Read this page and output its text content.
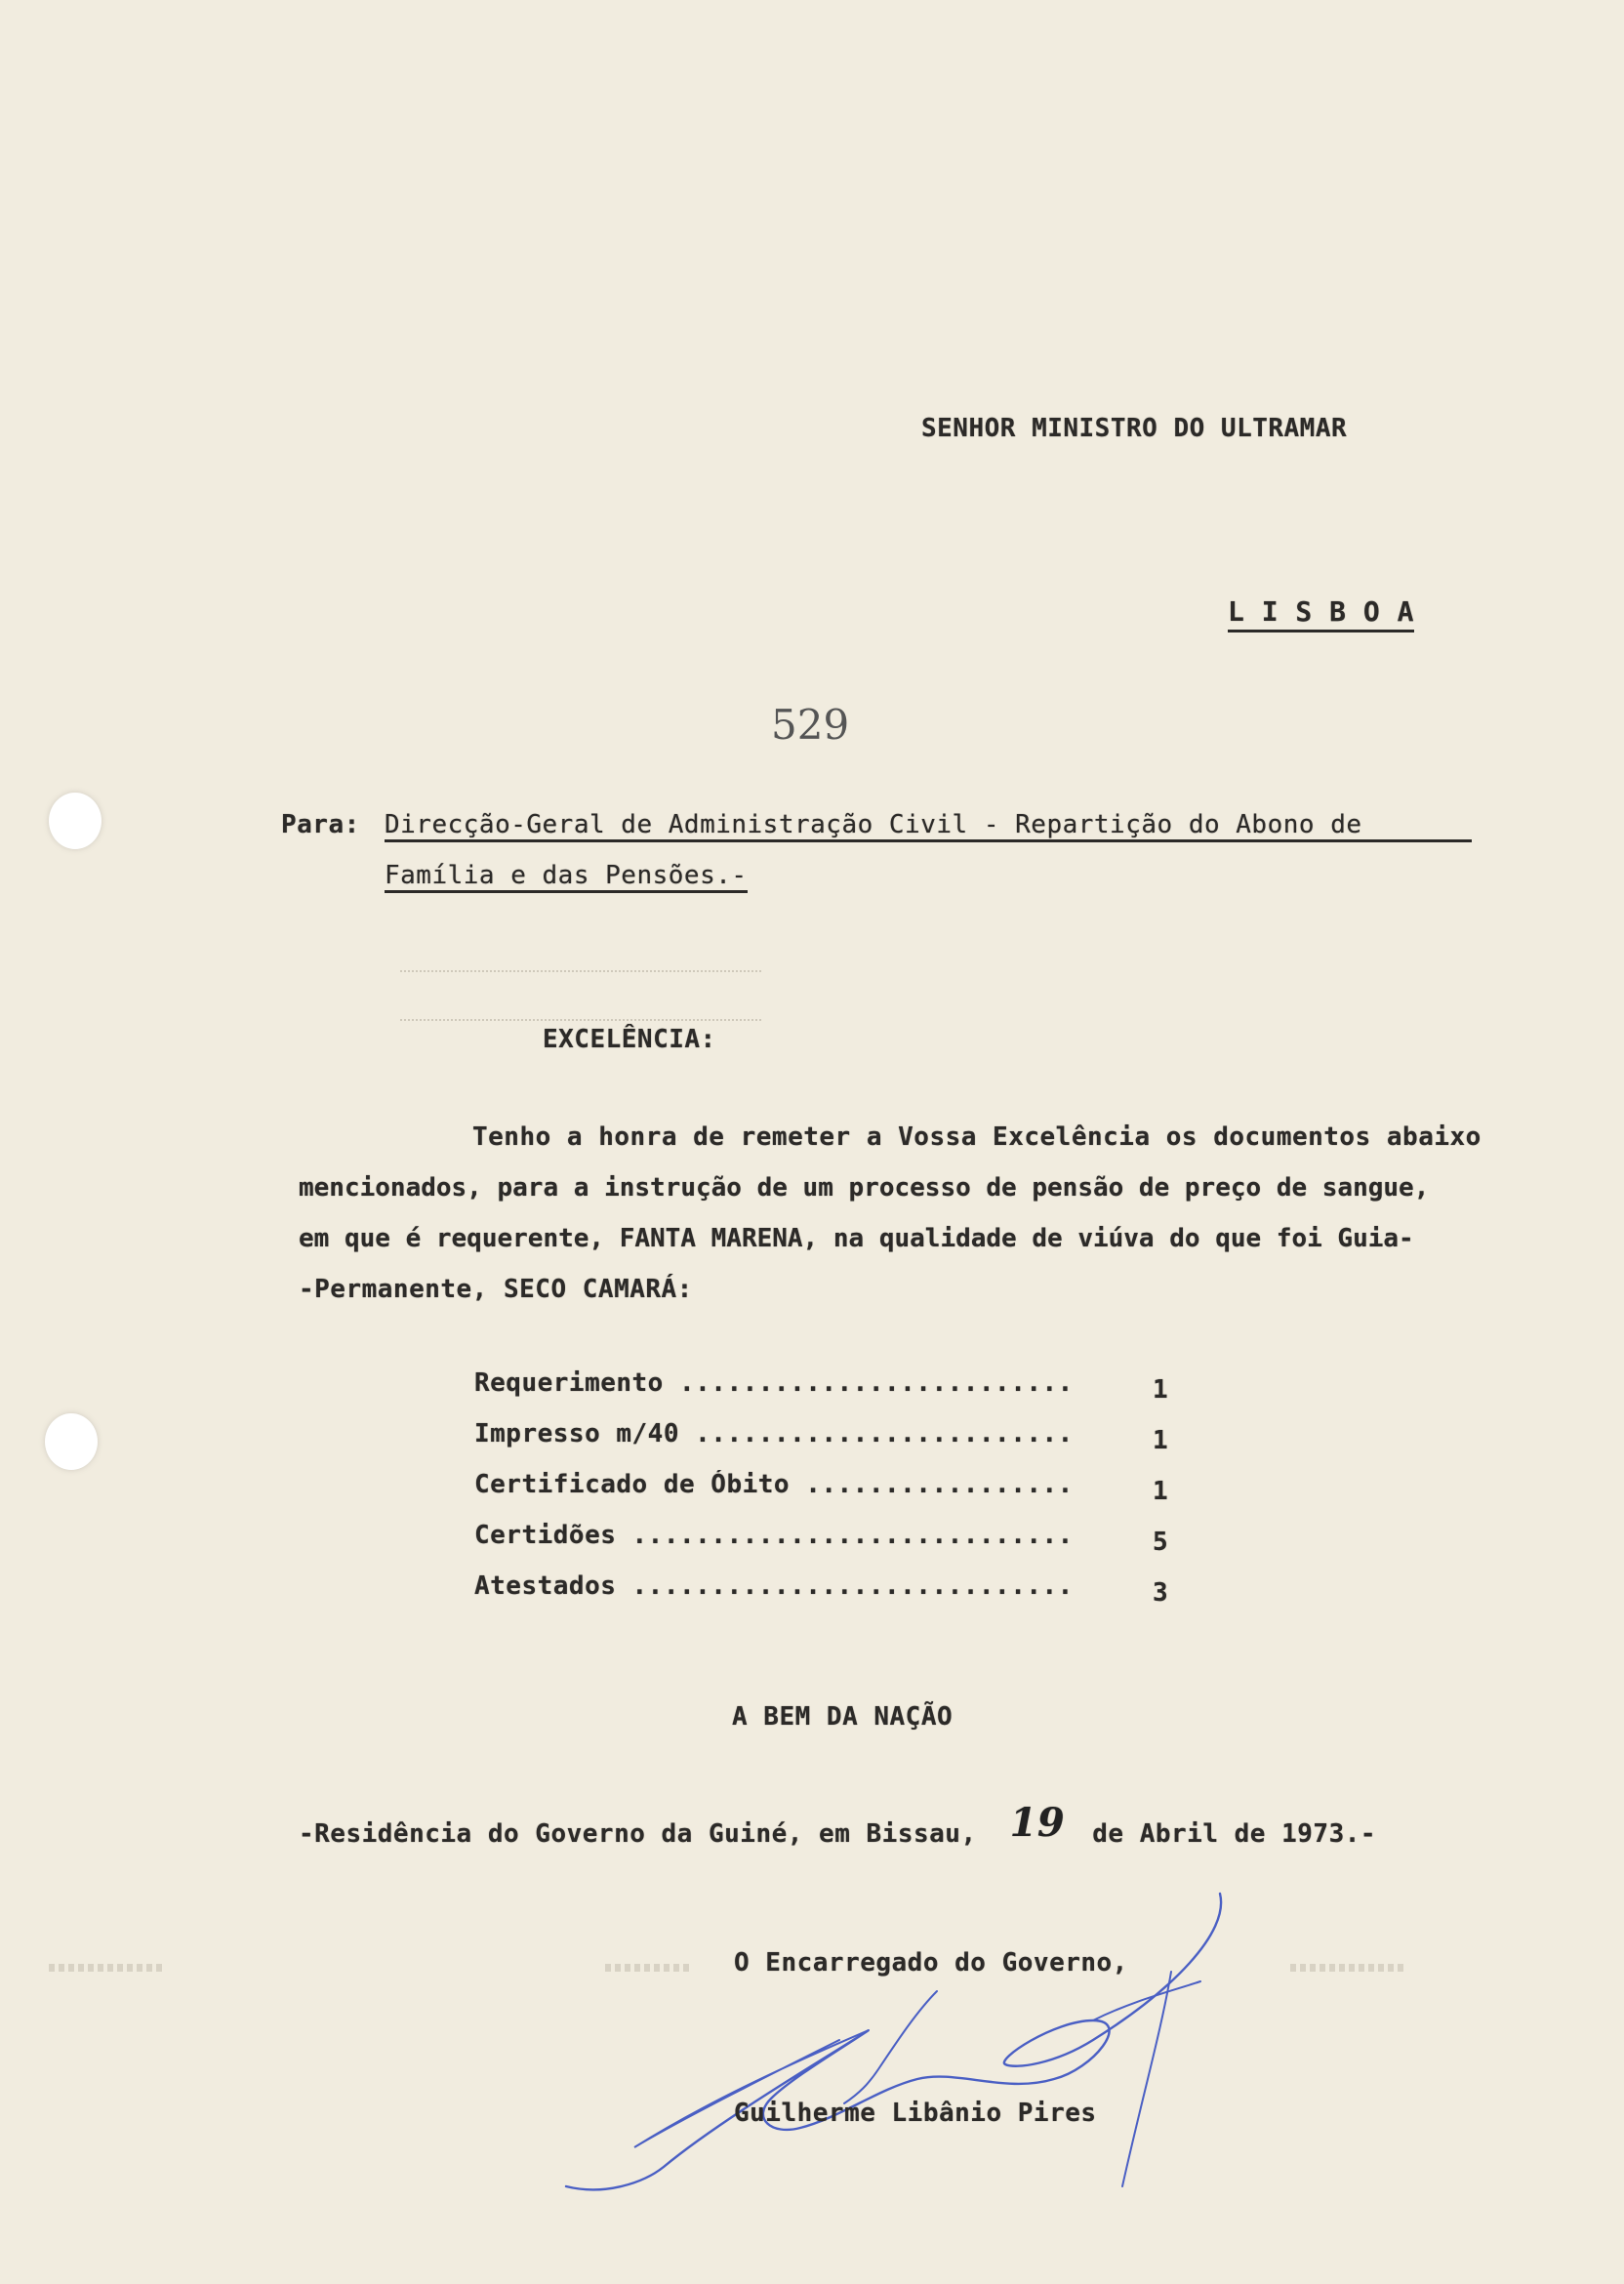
SENHOR MINISTRO DO ULTRAMAR
L I S B O A
529
Para: Direcção-Geral de Administração Civil - Repartição do Abono de
Família e das Pensões.-
EXCELÊNCIA:
Tenho a honra de remeter a Vossa Excelência os documentos abaixo
mencionados, para a instrução de um processo de pensão de preço de sangue,
em que é requerente, FANTA MARENA, na qualidade de viúva do que foi Guia-
-Permanente, SECO CAMARÁ:
Requerimento .........................	1
Impresso m/40 ........................	1
Certificado de Óbito .................	1
Certidões ............................	5
Atestados ............................	3
A BEM DA NAÇÃO
-Residência do Governo da Guiné, em Bissau, 19 de Abril de 1973.-
O Encarregado do Governo,
Guilherme Libânio Pires
